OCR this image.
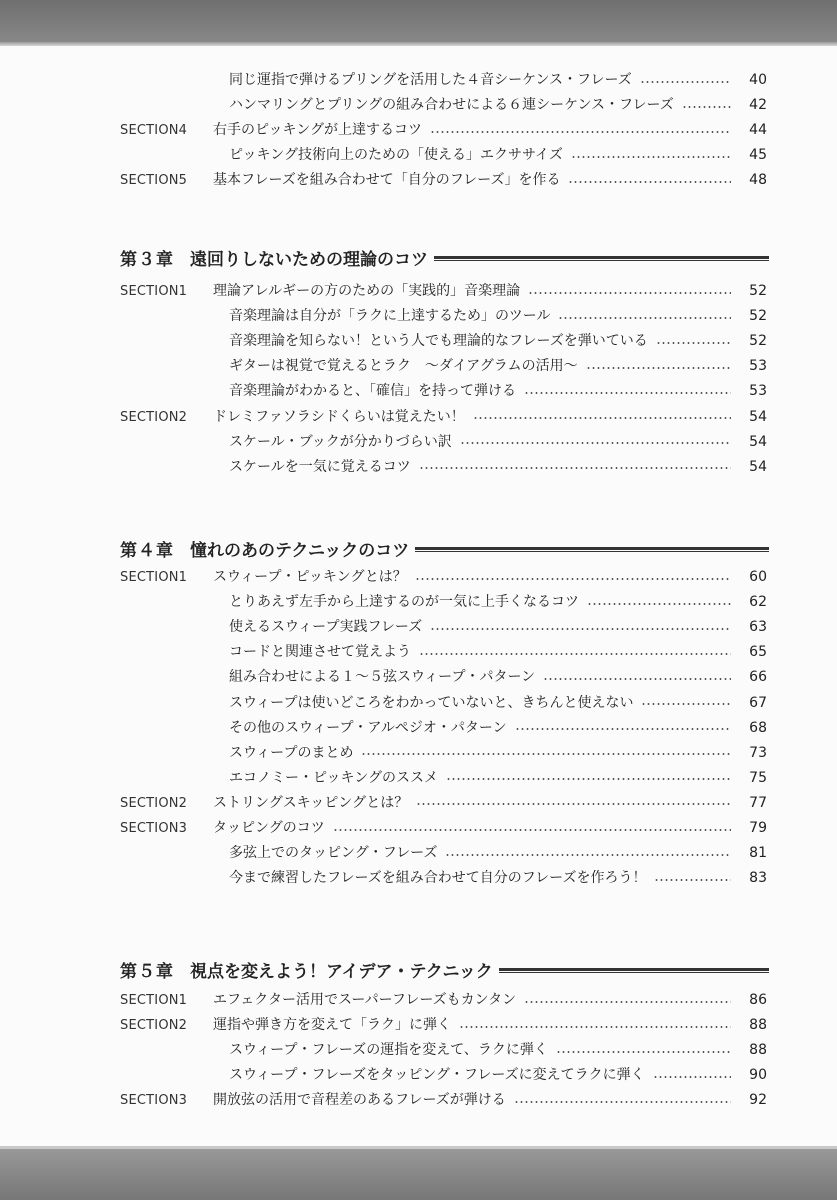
同じ運指で弾けるプリングを活用した４音シーケンス・フレーズ	40
ハンマリングとプリングの組み合わせによる６連シーケンス・フレーズ	42
SECTION4 右手のピッキングが上達するコツ	44
ピッキング技術向上のための「使える」エクササイズ	45
SECTION5 基本フレーズを組み合わせて「自分のフレーズ」を作る	48
第３章 遠回りしないための理論のコツ
SECTION1 理論アレルギーの方のための「実践的」音楽理論	52
音楽理論は自分が「ラクに上達するため」のツール	52
音楽理論を知らない！という人でも理論的なフレーズを弾いている	52
ギターは視覚で覚えるとラク　～ダイアグラムの活用～	53
音楽理論がわかると、「確信」を持って弾ける	53
SECTION2 ドレミファソラシドくらいは覚えたい！	54
スケール・ブックが分かりづらい訳	54
スケールを一気に覚えるコツ	54
第４章 憧れのあのテクニックのコツ
SECTION1 スウィープ・ピッキングとは？	60
とりあえず左手から上達するのが一気に上手くなるコツ	62
使えるスウィープ実践フレーズ	63
コードと関連させて覚えよう	65
組み合わせによる１～５弦スウィープ・パターン	66
スウィープは使いどころをわかっていないと、きちんと使えない	67
その他のスウィープ・アルペジオ・パターン	68
スウィープのまとめ	73
エコノミー・ピッキングのススメ	75
SECTION2 ストリングスキッピングとは？	77
SECTION3 タッピングのコツ	79
多弦上でのタッピング・フレーズ	81
今まで練習したフレーズを組み合わせて自分のフレーズを作ろう！	83
第５章 視点を変えよう！アイデア・テクニック
SECTION1 エフェクター活用でスーパーフレーズもカンタン	86
SECTION2 運指や弾き方を変えて「ラク」に弾く	88
スウィープ・フレーズの運指を変えて、ラクに弾く	88
スウィープ・フレーズをタッピング・フレーズに変えてラクに弾く	90
SECTION3 開放弦の活用で音程差のあるフレーズが弾ける	92
